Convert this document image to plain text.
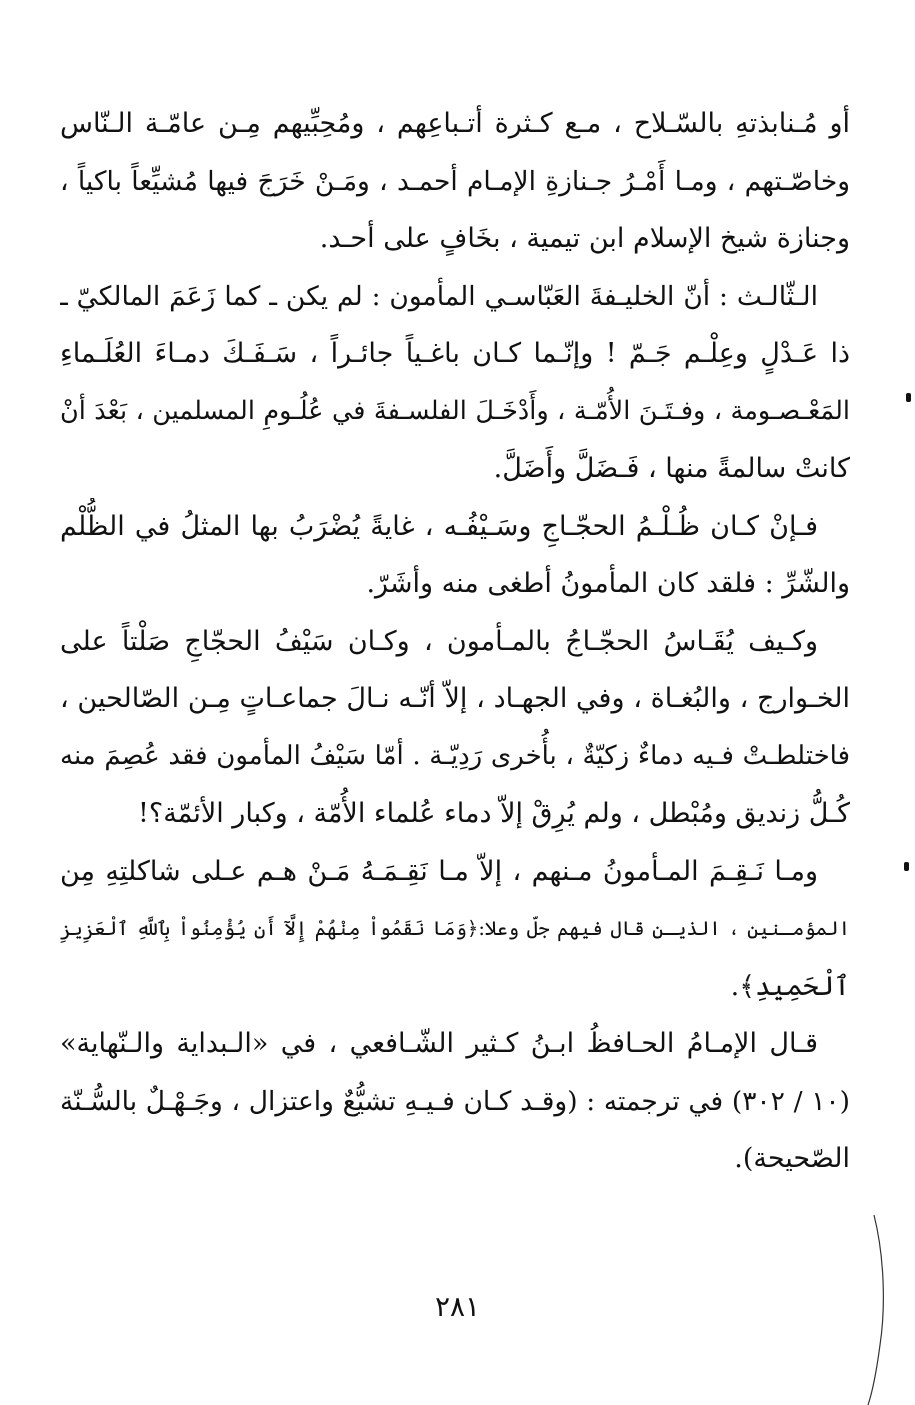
أو مُـنابذتهِ بالسّـلاح ، مـع كـثرة أتـباعِهم ، ومُحِبِّيهم مِـن عامّـة الـنّاس
وخاصّـتهم ، ومـا أَمْـرُ جـنازةِ الإمـام أحمـد ، ومَـنْ خَرَجَ فيها مُشيِّعاً باكياً ،
وجنازة شيخ الإسلام ابن تيمية ، بخَافٍ على أحـد.
الـثّالـث : أنّ الخليـفةَ العَبّاسـي المأمون : لم يكن ـ كما زَعَمَ المالكيّ ـ
ذا عَـدْلٍ وعِلْـم جَـمّ ! وإنّـما كـان باغـياً جائـراً ، سَـفَـكَ دمـاءَ العُلَـماءِ
المَعْـصـومة ، وفـتَـنَ الأُمّـة ، وأَدْخَـلَ الفلسـفةَ في عُلُـومِ المسلمين ، بَعْدَ أنْ
كانتْ سالمةً منها ، فَـضَلَّ وأَضَلَّ.
فـإنْ كـان ظُـلْـمُ الحجّـاجِ وسَـيْفُـه ، غايةً يُضْرَبُ بها المثلُ في الظُّلْم
والشّرِّ : فلقد كان المأمونُ أطغى منه وأشَرّ.
وكـيف يُقَـاسُ الحجّـاجُ بالمـأمون ، وكـان سَيْفُ الحجّاجِ صَلْتاً على
الخـوارج ، والبُغـاة ، وفي الجهـاد ، إلاّ أنّـه نـالَ جماعـاتٍ مِـن الصّالحين ،
فاختلطـتْ فـيه دماءٌ زكيّةٌ ، بأُخرى رَدِيّـة . أمّا سَيْفُ المأمون فقد عُصِمَ منه
كُـلُّ زنديق ومُبْطل ، ولم يُرِقْ إلاّ دماء عُلماء الأُمّة ، وكبار الأئمّة؟!
ومـا نَـقِـمَ المـأمونُ مـنهم ، إلاّ مـا نَقِـمَـهُ مَـنْ هـم عـلى شاكلتِهِ مِن
المؤمـنين ، الذيـن قال فيهم جلّ وعلا:﴿وَمَا نَقَمُواْ مِنْهُمْ إِلَّآ أَن يُؤْمِنُواْ بِٱللَّهِ ٱلْعَزِيزِ
ٱلْحَمِيدِ﴾.
قـال الإمـامُ الحـافظُ ابـنُ كـثير الشّـافعي ، في «الـبداية والـنّهاية»
(١٠ / ٣٠٢) في ترجمته : (وقـد كـان فـيـهِ تشيُّعٌ واعتزال ، وجَـهْـلٌ بالسُّـنّة
الصّحيحة).
٢٨١
